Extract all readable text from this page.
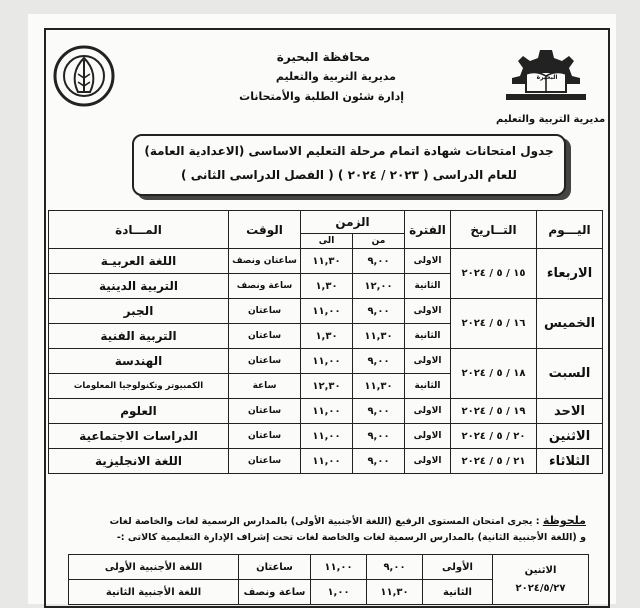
محافظة البحيرة
مديرية التربية والتعليم
إدارة شئون الطلبة والأمتحانات
البحيرة
مديرية التربية والتعليم
جدول امتحانات شهادة اتمام مرحلة التعليم الاساسى (الاعدادية العامة)
( الفصل الدراسى الثانى ) للعام الدراسى ( ٢٠٢٣ / ٢٠٢٤ )
اليـــوم	التــاريخ	الفترة	الزمن		الوقت	المـــادة
			من	الى		
الاربعاء	١٥ / ٥ / ٢٠٢٤	الاولى	٩,٠٠	١١,٣٠	ساعتان ونصف	اللغة العربيـة
		الثانية	١٢,٠٠	١,٣٠	ساعة ونصف	التربية الدينية
الخميس	١٦ / ٥ / ٢٠٢٤	الاولى	٩,٠٠	١١,٠٠	ساعتان	الجبر
		الثانية	١١,٣٠	١,٣٠	ساعتان	التربية الفنية
السبت	١٨ / ٥ / ٢٠٢٤	الاولى	٩,٠٠	١١,٠٠	ساعتان	الهندسة
		الثانية	١١,٣٠	١٢,٣٠	ساعة	الكمبيوتر وتكنولوجيا المعلومات
الاحد	١٩ / ٥ / ٢٠٢٤	الاولى	٩,٠٠	١١,٠٠	ساعتان	العلوم
الاثنين	٢٠ / ٥ / ٢٠٢٤	الاولى	٩,٠٠	١١,٠٠	ساعتان	الدراسات الاجتماعية
الثلاثاء	٢١ / ٥ / ٢٠٢٤	الاولى	٩,٠٠	١١,٠٠	ساعتان	اللغة الانجليزية
ملحوظة : يجرى امتحان المستوى الرفيع (اللغة الأجنبية الأولى) بالمدارس الرسمية لغات والخاصة لغات
و (اللغة الأجنبية الثانية) بالمدارس الرسمية لغات والخاصة لغات تحت إشراف الإدارة التعليمية كالاتى :-
الاثنين
٢٠٢٤/٥/٢٧	الأولى	٩,٠٠	١١,٠٠	ساعتان	اللغة الأجنبية الأولى
	الثانية	١١,٣٠	١,٠٠	ساعة ونصف	اللغة الأجنبية الثانية
